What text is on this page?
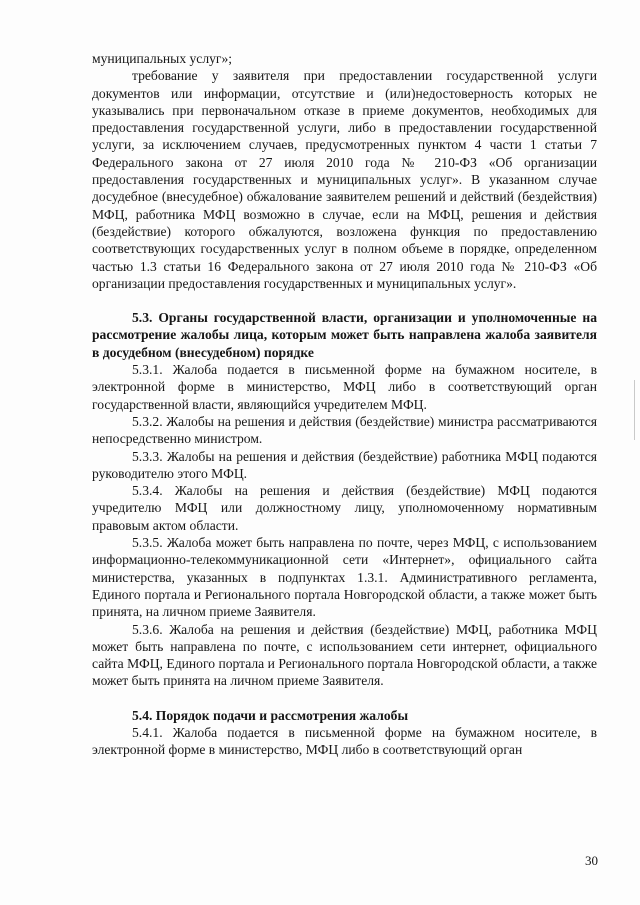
муниципальных услуг»;

требование у заявителя при предоставлении государственной услуги документов или информации, отсутствие и (или)недостоверность которых не указывались при первоначальном отказе в приеме документов, необходимых для предоставления государственной услуги, либо в предоставлении государственной услуги, за исключением случаев, предусмотренных пунктом 4 части 1 статьи 7 Федерального закона от 27 июля 2010 года № 210-ФЗ «Об организации предоставления государственных и муниципальных услуг». В указанном случае досудебное (внесудебное) обжалование заявителем решений и действий (бездействия) МФЦ, работника МФЦ возможно в случае, если на МФЦ, решения и действия (бездействие) которого обжалуются, возложена функция по предоставлению соответствующих государственных услуг в полном объеме в порядке, определенном частью 1.3 статьи 16 Федерального закона от 27 июля 2010 года № 210-ФЗ «Об организации предоставления государственных и муниципальных услуг».

5.3. Органы государственной власти, организации и уполномоченные на рассмотрение жалобы лица, которым может быть направлена жалоба заявителя в досудебном (внесудебном) порядке

5.3.1. Жалоба подается в письменной форме на бумажном носителе, в электронной форме в министерство, МФЦ либо в соответствующий орган государственной власти, являющийся учредителем МФЦ.

5.3.2. Жалобы на решения и действия (бездействие) министра рассматриваются непосредственно министром.

5.3.3. Жалобы на решения и действия (бездействие) работника МФЦ подаются руководителю этого МФЦ.

5.3.4. Жалобы на решения и действия (бездействие) МФЦ подаются учредителю МФЦ или должностному лицу, уполномоченному нормативным правовым актом области.

5.3.5. Жалоба может быть направлена по почте, через МФЦ, с использованием информационно-телекоммуникационной сети «Интернет», официального сайта министерства, указанных в подпунктах 1.3.1. Административного регламента, Единого портала и Регионального портала Новгородской области, а также может быть принята, на личном приеме Заявителя.

5.3.6. Жалоба на решения и действия (бездействие) МФЦ, работника МФЦ может быть направлена по почте, с использованием сети интернет, официального сайта МФЦ, Единого портала и Регионального портала Новгородской области, а также может быть принята на личном приеме Заявителя.

5.4. Порядок подачи и рассмотрения жалобы

5.4.1. Жалоба подается в письменной форме на бумажном носителе, в электронной форме в министерство, МФЦ либо в соответствующий орган

30
